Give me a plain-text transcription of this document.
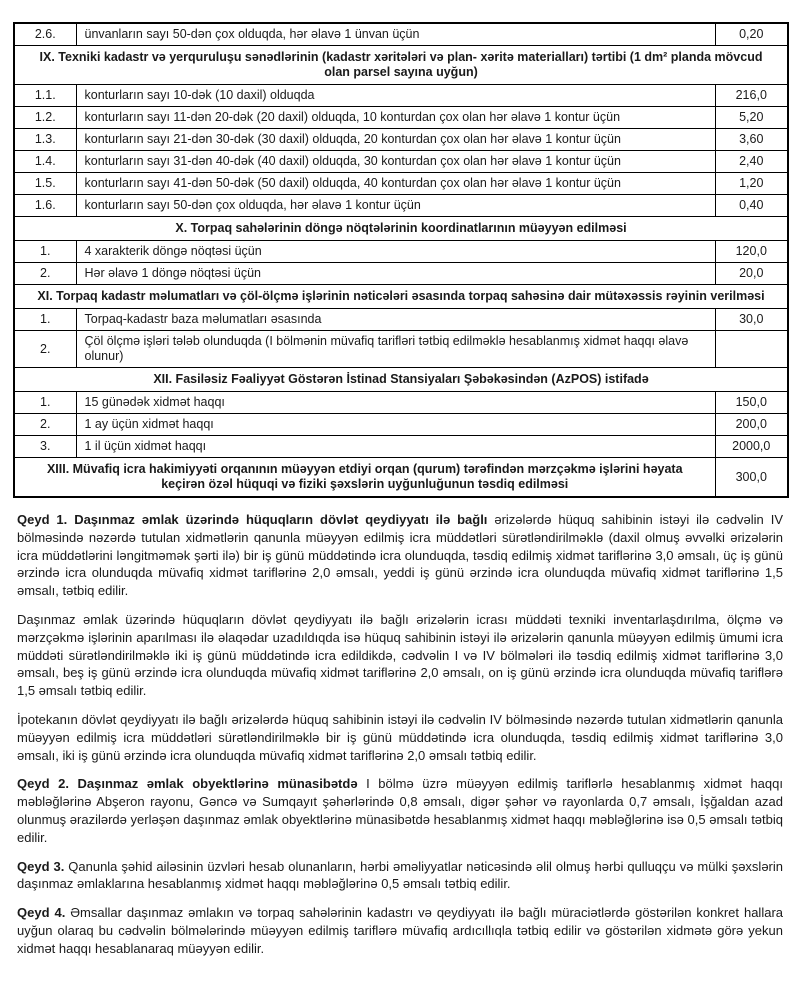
2.6.	ünvanların sayı 50-dən çox olduqda, hər əlavə 1 ünvan üçün	0,20
IX. Texniki kadastr və yerquruluşu sənədlərinin (kadastr xəritələri və plan- xəritə materialları) tərtibi (1 dm² planda mövcud olan parsel sayına uyğun)		
1.1.	konturların sayı 10-dək (10 daxil) olduqda	216,0
1.2.	konturların sayı 11-dən 20-dək (20 daxil) olduqda, 10 konturdan çox olan hər əlavə 1 kontur üçün	5,20
1.3.	konturların sayı 21-dən 30-dək (30 daxil) olduqda, 20 konturdan çox olan hər əlavə 1 kontur üçün	3,60
1.4.	konturların sayı 31-dən 40-dək (40 daxil) olduqda, 30 konturdan çox olan hər əlavə 1 kontur üçün	2,40
1.5.	konturların sayı 41-dən 50-dək (50 daxil) olduqda, 40 konturdan çox olan hər əlavə 1 kontur üçün	1,20
1.6.	konturların sayı 50-dən çox olduqda, hər əlavə 1 kontur üçün	0,40
X. Torpaq sahələrinin döngə nöqtələrinin koordinatlarının müəyyən edilməsi		
1.	4 xarakterik döngə nöqtəsi üçün	120,0
2.	Hər əlavə 1 döngə nöqtəsi üçün	20,0
XI. Torpaq kadastr məlumatları və çöl-ölçmə işlərinin nəticələri əsasında torpaq sahəsinə dair mütəxəssis rəyinin verilməsi		
1.	Torpaq-kadastr baza məlumatları əsasında	30,0
2.	Çöl ölçmə işləri tələb olunduqda (I bölmənin müvafiq tarifləri tətbiq edilməklə hesablanmış xidmət haqqı əlavə olunur)	
XII. Fasiləsiz Fəaliyyət Göstərən İstinad Stansiyaları Şəbəkəsindən (AzPOS) istifadə		
1.	15 günədək xidmət haqqı	150,0
2.	1 ay üçün xidmət haqqı	200,0
3.	1 il üçün xidmət haqqı	2000,0
XIII. Müvafiq icra hakimiyyəti orqanının müəyyən etdiyi orqan (qurum) tərəfindən mərzçəkmə işlərini həyata keçirən özəl hüquqi və fiziki şəxslərin uyğunluğunun təsdiq edilməsi		300,0

Qeyd 1. Daşınmaz əmlak üzərində hüquqların dövlət qeydiyyatı ilə bağlı ərizələrdə hüquq sahibinin istəyi ilə cədvəlin IV bölməsində nəzərdə tutulan xidmətlərin qanunla müəyyən edilmiş icra müddətləri sürətləndirilməklə (daxil olmuş əvvəlki ərizələrin icra müddətlərini ləngitməmək şərti ilə) bir iş günü müddətində icra olunduqda, təsdiq edilmiş xidmət tariflərinə 3,0 əmsalı, üç iş günü ərzində icra olunduqda müvafiq xidmət tariflərinə 2,0 əmsalı, yeddi iş günü ərzində icra olunduqda müvafiq xidmət tariflərinə 1,5 əmsalı, tətbiq edilir.

Daşınmaz əmlak üzərində hüquqların dövlət qeydiyyatı ilə bağlı ərizələrin icrası müddəti texniki inventarlaşdırılma, ölçmə və mərzçəkmə işlərinin aparılması ilə əlaqədar uzadıldıqda isə hüquq sahibinin istəyi ilə ərizələrin qanunla müəyyən edilmiş ümumi icra müddəti sürətləndirilməklə iki iş günü müddətində icra edildikdə, cədvəlin I və IV bölmələri ilə təsdiq edilmiş xidmət tariflərinə 3,0 əmsalı, beş iş günü ərzində icra olunduqda müvafiq xidmət tariflərinə 2,0 əmsalı, on iş günü ərzində icra olunduqda müvafiq tariflərə 1,5 əmsalı tətbiq edilir.

İpotekanın dövlət qeydiyyatı ilə bağlı ərizələrdə hüquq sahibinin istəyi ilə cədvəlin IV bölməsində nəzərdə tutulan xidmətlərin qanunla müəyyən edilmiş icra müddətləri sürətləndirilməklə bir iş günü müddətində icra olunduqda, təsdiq edilmiş xidmət tariflərinə 3,0 əmsalı, iki iş günü ərzində icra olunduqda müvafiq xidmət tariflərinə 2,0 əmsalı tətbiq edilir.

Qeyd 2. Daşınmaz əmlak obyektlərinə münasibətdə I bölmə üzrə müəyyən edilmiş tariflərlə hesablanmış xidmət haqqı məbləğlərinə Abşeron rayonu, Gəncə və Sumqayıt şəhərlərində 0,8 əmsalı, digər şəhər və rayonlarda 0,7 əmsalı, İşğaldan azad olunmuş ərazilərdə yerləşən daşınmaz əmlak obyektlərinə münasibətdə hesablanmış xidmət haqqı məbləğlərinə isə 0,5 əmsalı tətbiq edilir.

Qeyd 3. Qanunla şəhid ailəsinin üzvləri hesab olunanların, hərbi əməliyyatlar nəticəsində əlil olmuş hərbi qulluqçu və mülki şəxslərin daşınmaz əmlaklarına hesablanmış xidmət haqqı məbləğlərinə 0,5 əmsalı tətbiq edilir.

Qeyd 4. Əmsallar daşınmaz əmlakın və torpaq sahələrinin kadastrı və qeydiyyatı ilə bağlı müraciətlərdə göstərilən konkret hallara uyğun olaraq bu cədvəlin bölmələrində müəyyən edilmiş tariflərə müvafiq ardıcıllıqla tətbiq edilir və göstərilən xidmətə görə yekun xidmət haqqı hesablanaraq müəyyən edilir.
